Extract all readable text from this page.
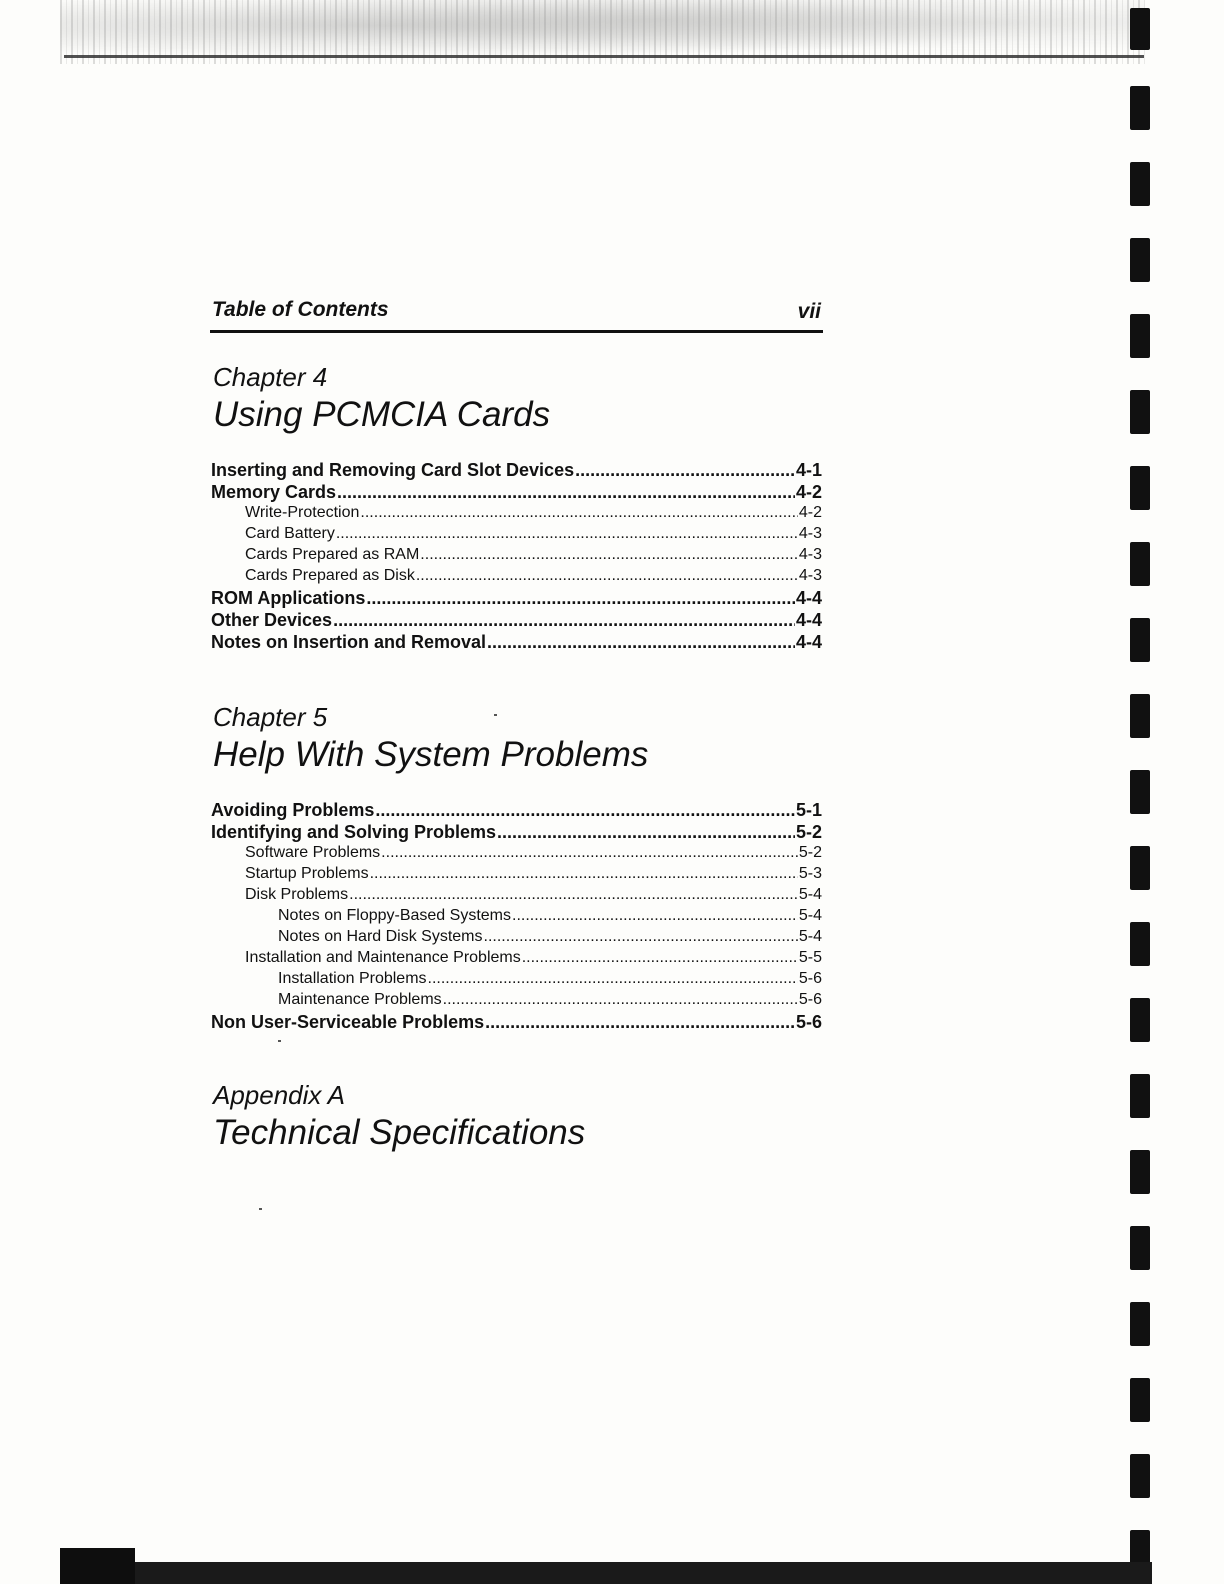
Table of Contents	vii
Chapter 4
Using PCMCIA Cards
Inserting and Removing Card Slot Devices .....	4-1
Memory Cards .....	4-2
Write-Protection .....	4-2
Card Battery .....	4-3
Cards Prepared as RAM .....	4-3
Cards Prepared as Disk .....	4-3
ROM Applications .....	4-4
Other Devices .....	4-4
Notes on Insertion and Removal .....	4-4
Chapter 5
Help With System Problems
Avoiding Problems .....	5-1
Identifying and Solving Problems .....	5-2
Software Problems .....	5-2
Startup Problems .....	5-3
Disk Problems .....	5-4
Notes on Floppy-Based Systems .....	5-4
Notes on Hard Disk Systems .....	5-4
Installation and Maintenance Problems .....	5-5
Installation Problems .....	5-6
Maintenance Problems .....	5-6
Non User-Serviceable Problems .....	5-6
Appendix A
Technical Specifications
